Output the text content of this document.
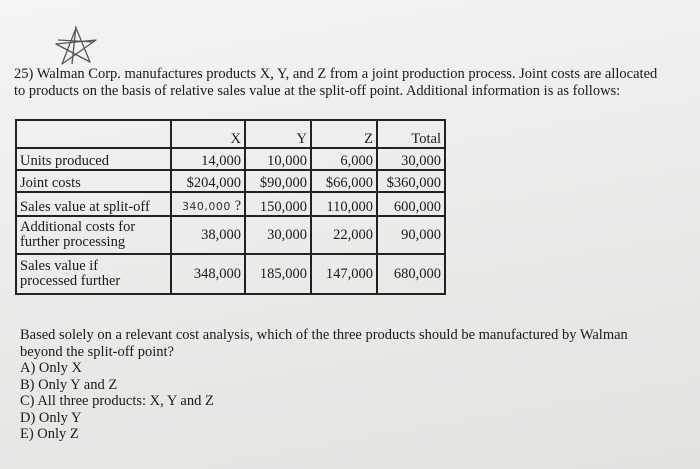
25) Walman Corp. manufactures products X, Y, and Z from a joint production process. Joint costs are allocated
to products on the basis of relative sales value at the split-off point. Additional information is as follows:
	X	Y	Z	Total
Units produced	14,000	10,000	6,000	30,000
Joint costs	$204,000	$90,000	$66,000	$360,000
Sales value at split-off	340,000 ?	150,000	110,000	600,000
Additional costs for
further processing	38,000	30,000	22,000	90,000
Sales value if
processed further	348,000	185,000	147,000	680,000
Based solely on a relevant cost analysis, which of the three products should be manufactured by Walman
beyond the split-off point?
A) Only X
B) Only Y and Z
C) All three products: X, Y and Z
D) Only Y
E) Only Z
